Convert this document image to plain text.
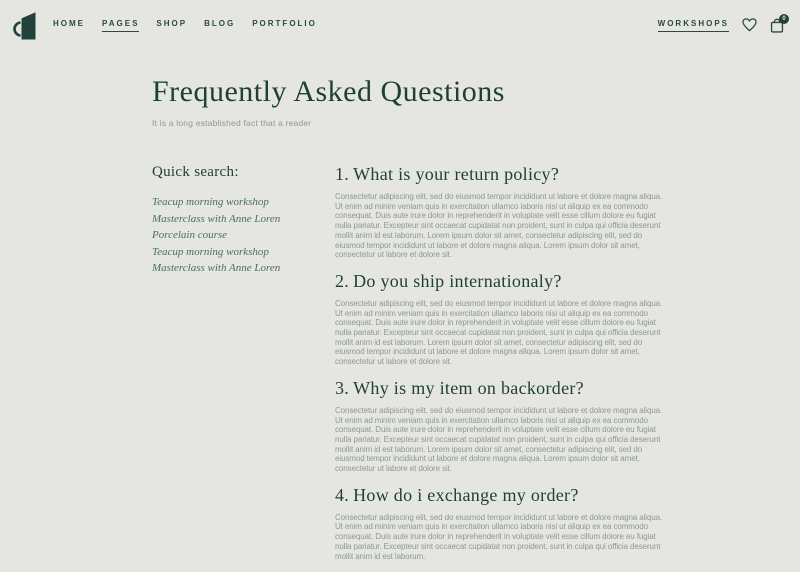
HOME PAGES SHOP BLOG PORTFOLIO	WORKSHOPS	0
Frequently Asked Questions

It is a long established fact that a reader

Quick search:
Teacup morning workshop
Masterclass with Anne Loren
Porcelain course
Teacup morning workshop
Masterclass with Anne Loren
1. What is your return policy?

Consectetur adipiscing elit, sed do eiusmod tempor incididunt ut labore et dolore magna aliqua. Ut enim ad minim veniam quis in exercitation ullamco laboris nisi ut aliquip ex ea commodo consequat. Duis aute irure dolor in reprehenderit in voluptate velit esse cillum dolore eu fugiat nulla pariatur. Excepteur sint occaecat cupidatat non proident, sunt in culpa qui officia deserunt mollit anim id est laborum. Lorem ipsum dolor sit amet, consectetur adipiscing elit, sed do eiusmod tempor incididunt ut labore et dolore magna aliqua. Lorem ipsum dolor sit amet, consectetur ut labore et dolore sit.

2. Do you ship internationaly?

Consectetur adipiscing elit, sed do eiusmod tempor incididunt ut labore et dolore magna aliqua. Ut enim ad minim veniam quis in exercitation ullamco laboris nisi ut aliquip ex ea commodo consequat. Duis aute irure dolor in reprehenderit in voluptate velit esse cillum dolore eu fugiat nulla pariatur. Excepteur sint occaecat cupidatat non proident, sunt in culpa qui officia deserunt mollit anim id est laborum. Lorem ipsum dolor sit amet, consectetur adipiscing elit, sed do eiusmod tempor incididunt ut labore et dolore magna aliqua. Lorem ipsum dolor sit amet, consectetur ut labore et dolore sit.

3. Why is my item on backorder?

Consectetur adipiscing elit, sed do eiusmod tempor incididunt ut labore et dolore magna aliqua. Ut enim ad minim veniam quis in exercitation ullamco laboris nisi ut aliquip ex ea commodo consequat. Duis aute irure dolor in reprehenderit in voluptate velit esse cillum dolore eu fugiat nulla pariatur. Excepteur sint occaecat cupidatat non proident, sunt in culpa qui officia deserunt mollit anim id est laborum. Lorem ipsum dolor sit amet, consectetur adipiscing elit, sed do eiusmod tempor incididunt ut labore et dolore magna aliqua. Lorem ipsum dolor sit amet, consectetur ut labore et dolore sit.

4. How do i exchange my order?

Consectetur adipiscing elit, sed do eiusmod tempor incididunt ut labore et dolore magna aliqua. Ut enim ad minim veniam quis in exercitation ullamco laboris nisi ut aliquip ex ea commodo consequat. Duis aute irure dolor in reprehenderit in voluptate velit esse cillum dolore eu fugiat nulla pariatur. Excepteur sint occaecat cupidatat non proident, sunt in culpa qui officia deserunt mollit anim id est laborum.
